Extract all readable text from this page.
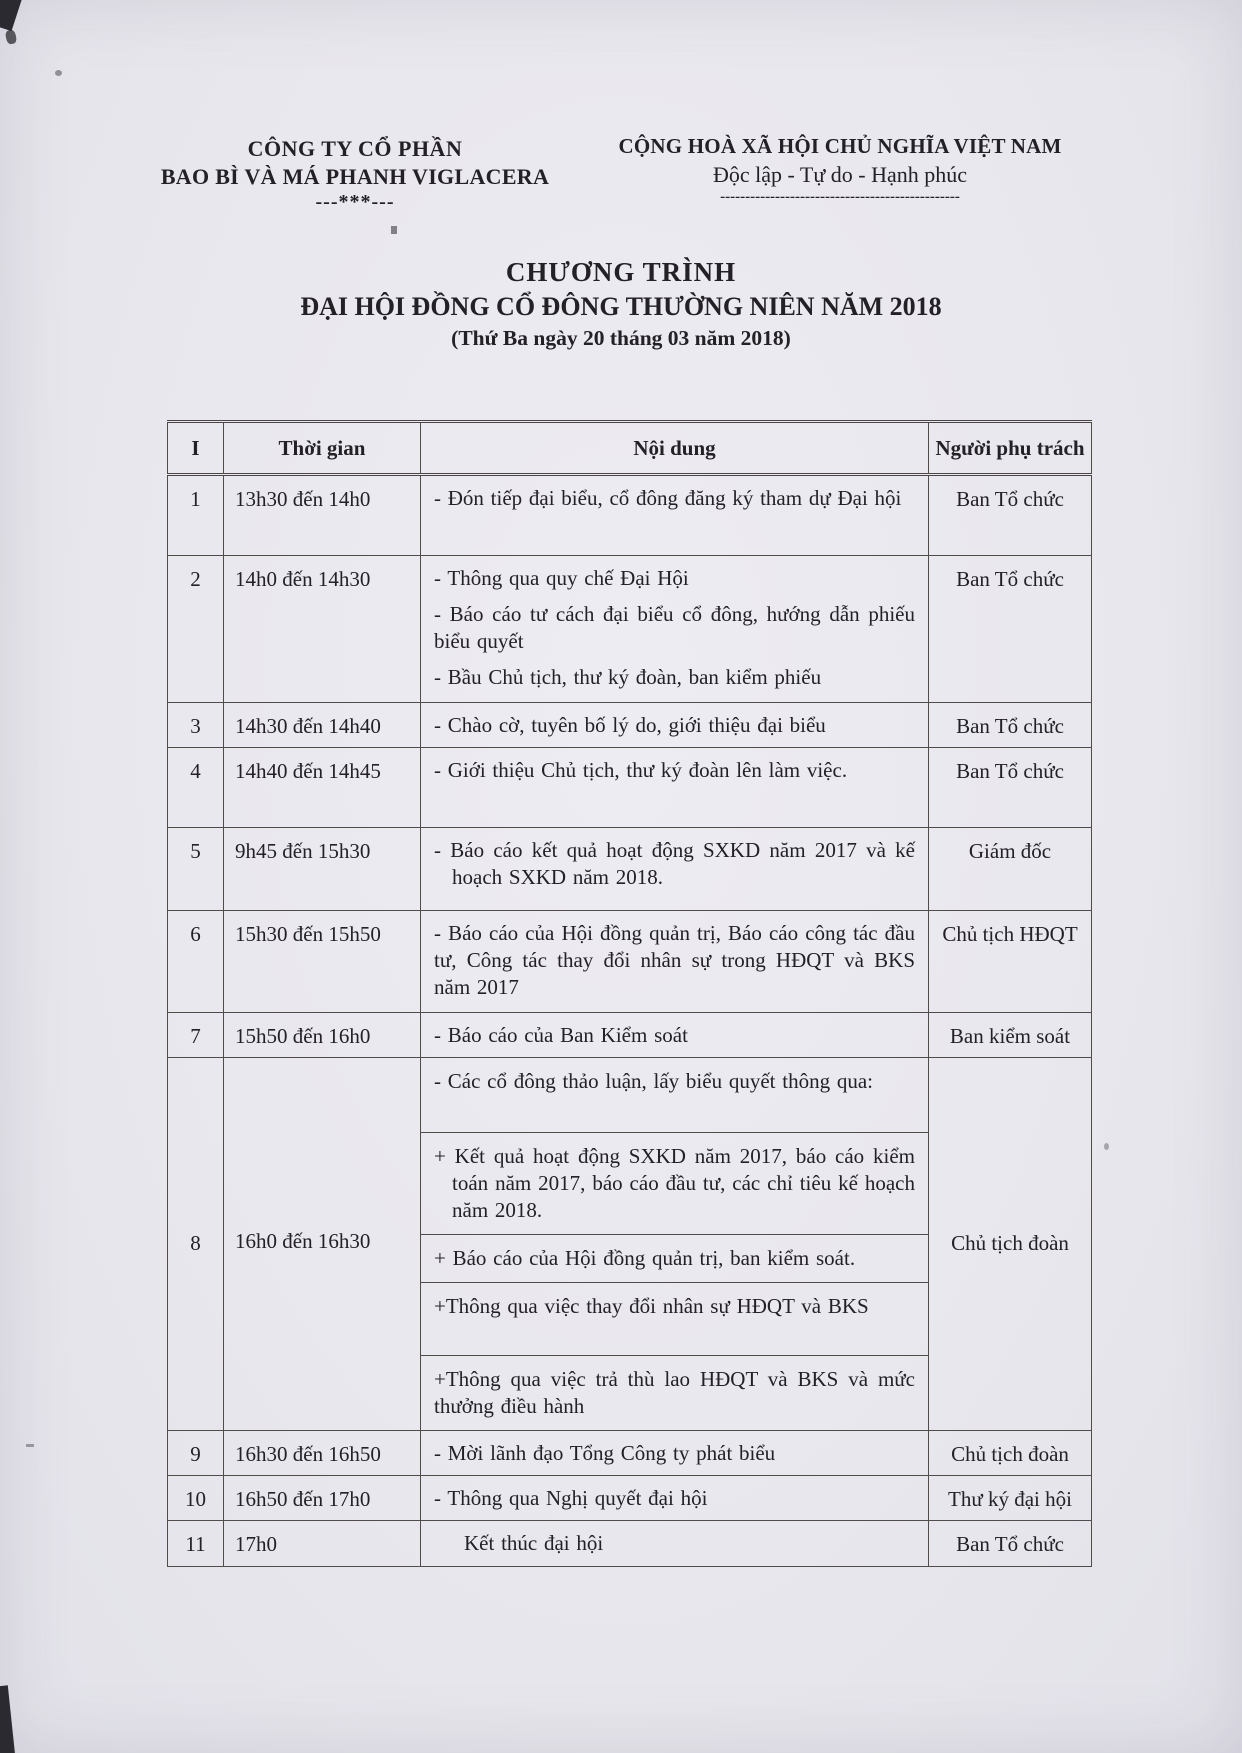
CÔNG TY CỔ PHẦN
BAO BÌ VÀ MÁ PHANH VIGLACERA
---***---
CỘNG HOÀ XÃ HỘI CHỦ NGHĨA VIỆT NAM
Độc lập - Tự do - Hạnh phúc
------------------------------------------------
CHƯƠNG TRÌNH
ĐẠI HỘI ĐỒNG CỔ ĐÔNG THƯỜNG NIÊN NĂM 2018
(Thứ Ba ngày 20 tháng 03 năm 2018)
I	Thời gian	Nội dung	Người phụ trách
1	13h30 đến 14h0	- Đón tiếp đại biểu, cổ đông đăng ký tham dự Đại hội	Ban Tổ chức
2	14h0 đến 14h30	- Thông qua quy chế Đại Hội

- Báo cáo tư cách đại biểu cổ đông, hướng dẫn phiếu biểu quyết

- Bầu Chủ tịch, thư ký đoàn, ban kiểm phiếu	Ban Tổ chức
3	14h30 đến 14h40	- Chào cờ, tuyên bố lý do, giới thiệu đại biểu	Ban Tổ chức
4	14h40 đến 14h45	- Giới thiệu Chủ tịch, thư ký đoàn lên làm việc.	Ban Tổ chức
5	9h45 đến 15h30	- Báo cáo kết quả hoạt động SXKD năm 2017 và kế hoạch SXKD năm 2018.	Giám đốc
6	15h30 đến 15h50	- Báo cáo của Hội đồng quản trị, Báo cáo công tác đầu tư, Công tác thay đổi nhân sự trong HĐQT và BKS năm 2017	Chủ tịch HĐQT
7	15h50 đến 16h0	- Báo cáo của Ban Kiểm soát	Ban kiểm soát
8	16h0 đến 16h30	- Các cổ đông thảo luận, lấy biểu quyết thông qua:

+ Kết quả hoạt động SXKD năm 2017, báo cáo kiểm toán năm 2017, báo cáo đầu tư, các chỉ tiêu kế hoạch năm 2018.

+ Báo cáo của Hội đồng quản trị, ban kiểm soát.

+Thông qua việc thay đổi nhân sự HĐQT và BKS

+Thông qua việc trả thù lao HĐQT và BKS và mức thưởng điều hành	Chủ tịch đoàn
9	16h30 đến 16h50	- Mời lãnh đạo Tổng Công ty phát biểu	Chủ tịch đoàn
10	16h50 đến 17h0	- Thông qua Nghị quyết đại hội	Thư ký đại hội
11	17h0	Kết thúc đại hội	Ban Tổ chức
